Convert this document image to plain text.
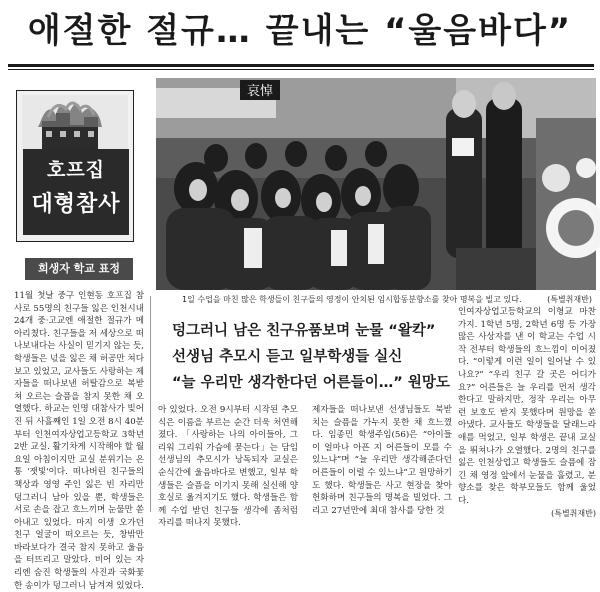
애절한 절규… 끝내는 “울음바다”
호프집
대형참사
희생자 학교 표정
哀悼
1일 수업을 마친 많은 학생들이 친구들의 영정이 안치된 임시합동분향소를 찾아 명복을 빌고 있다.	(특별취재반)
덩그러니 남은 친구유품보며 눈물 “왈칵”
선생님 추모시 듣고 일부학생들 실신
“늘 우리만 생각한다던 어른들이…” 원망도

11월 첫날 중구 인현동 호프집 참사로 55명의 친구들 잃은 인천시내 24개 중·고교엔 애절한 절규가 메아리쳤다. 친구들을 저 세상으로 떠나보내다는 사실이 믿기지 않는 듯, 학생들은 넋을 잃은 채 허공만 쳐다보고 있었고, 교사들도 사랑하는 제자들을 떠나보낸 허탈감으로 복받쳐 오르는 슬픔을 참지 못한 채 오열했다. 하교는 인명 대참사가 빚어진 뒤 사흘째인 1일 오전 8시 40분부터 인천여자상업고등학교 3학년 2반 교실. 활기차게 시작해야 할 월요일 아침이지만 교실 분위기는 온통 '잿빛'이다. 떠나버린 친구들의 책상과 영영 주인 잃은 빈 자리만 덩그러니 남아 있을 뿐, 학생들은 서로 손을 잡고 흐느끼며 눈물만 쏟아내고 있었다. 마지 이생 오가던 친구 얼굴이 떠오르는 듯, 창밖만 바라보다가 결국 참지 못하고 울음을 터뜨리고 말았다. 비어 있는 자리엔 숨진 학생들의 사진과 국화꽃 한 송이가 덩그러니 남겨져 있었다.

아 있었다. 오전 9시부터 시작된 추모식은 이름을 부르는 순간 더욱 처연해졌다. 「사랑하는 나의 아이들아, 그리워 그리워 가슴에 묻는다」는 담임선생님의 추모시가 낭독되자 교실은 순식간에 울음바다로 변했고, 일부 학생들은 슬픔을 이기지 못해 실신해 양호실로 옮겨지기도 했다. 학생들은 함께 수업 받던 친구들 생각에 좀처럼 자리를 떠나지 못했다.

제자들을 떠나보낸 선생님들도 북받치는 슬픔을 가누지 못한 채 흐느꼈다. 임종민 학생주임(56)은 “아이들이 얼마나 아픈 지 어른들이 모를 수 있느냐”며 “늘 우리만 생각해준다던 어른들이 이럴 수 있느냐”고 원망하기도 했다. 학생들은 사고 현장을 찾아 헌화하며 친구들의 명복을 빌었다. 그리고 27년만에 최대 참사를 당한 것

인여자상업고등학교의 이형교 마찬가지. 1학년 5명, 2학년 6명 등 가장 많은 사상자를 낸 이 학교는 수업 시작 전부터 학생들의 흐느낌이 이어졌다. “이렇게 이런 일이 일어날 수 있나요?” “우리 친구 갈 곳은 어디가요?” 어른들은 늘 우리를 먼저 생각한다고 말하지만, 정작 우리는 아무런 보호도 받지 못했다며 원망을 쏟아냈다. 교사들도 학생들을 달래느라 애를 먹었고, 일부 학생은 끝내 교실을 뛰쳐나가 오열했다. 2명의 친구를 잃은 인천상업고 학생들도 슬픔에 잠긴 채 영정 앞에서 눈물을 흘렸고, 분향소를 찾은 학부모들도 함께 울었다.

(특별취재반)
